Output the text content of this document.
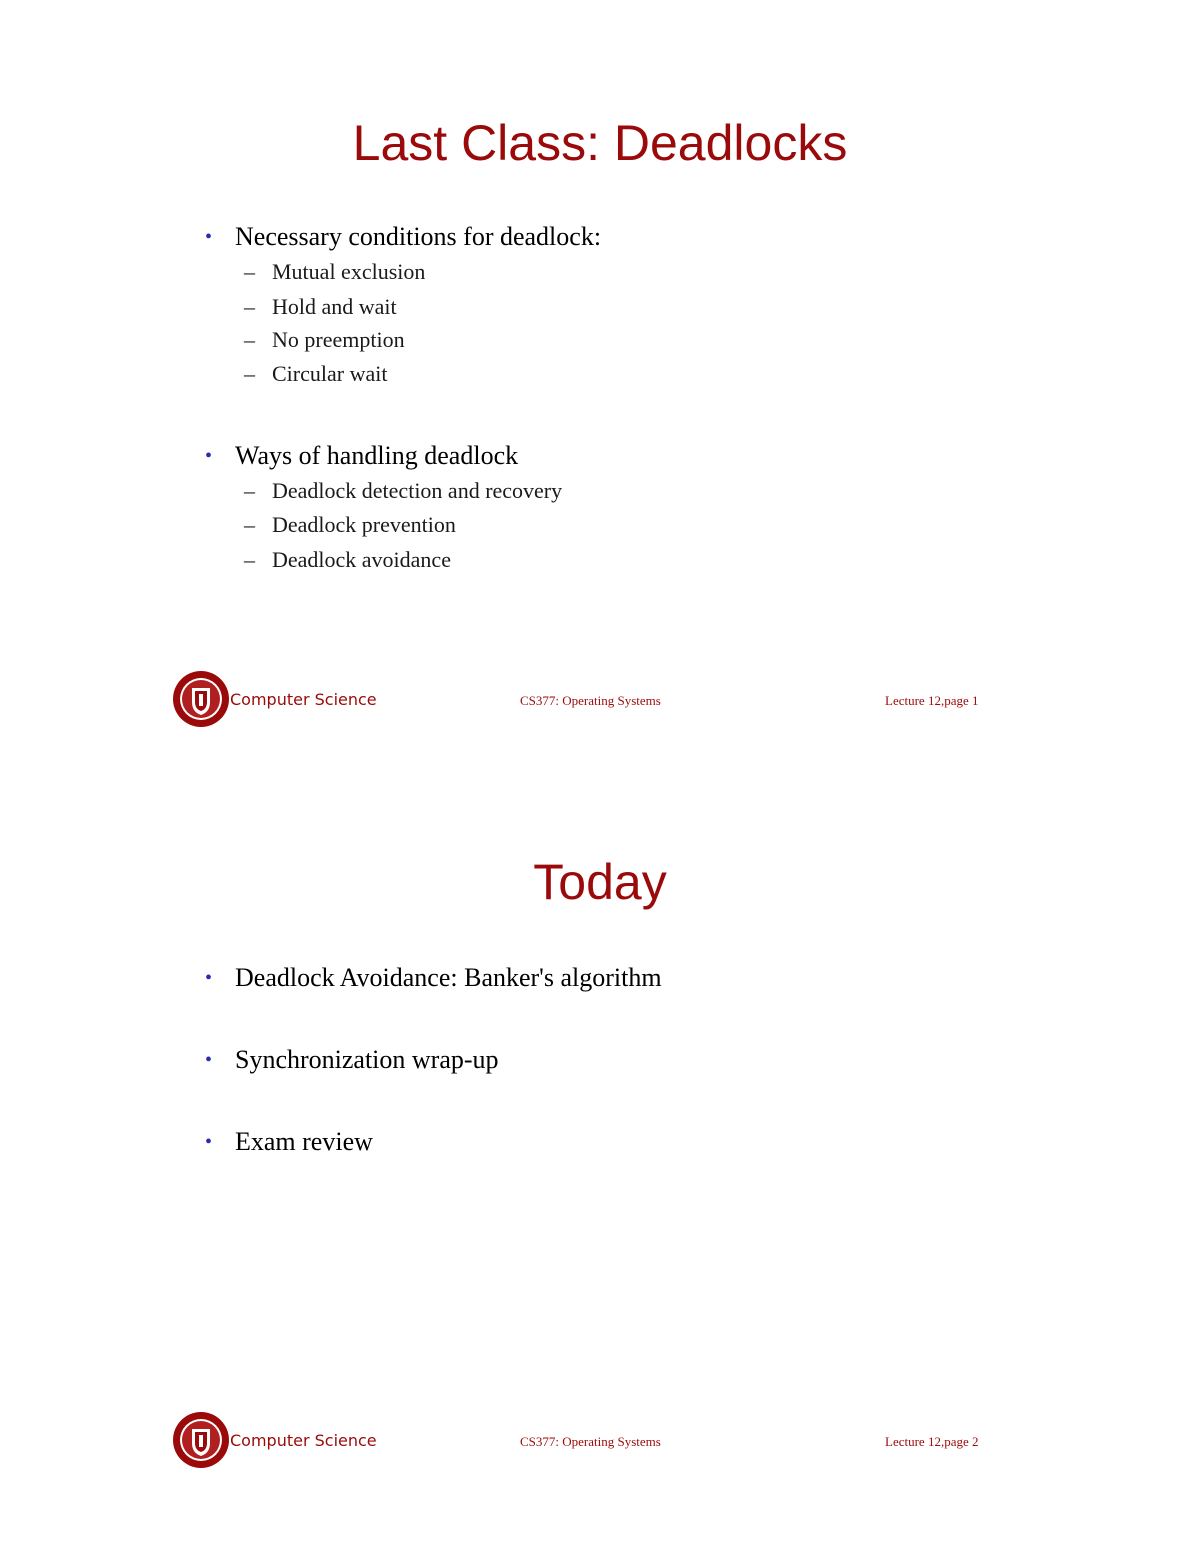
Last Class: Deadlocks
• Necessary conditions for deadlock:
– Mutual exclusion
– Hold and wait
– No preemption
– Circular wait
• Ways of handling deadlock
– Deadlock detection and recovery
– Deadlock prevention
– Deadlock avoidance
Computer Science	CS377: Operating Systems	Lecture 12,page 1
Today
• Deadlock Avoidance: Banker's algorithm
• Synchronization wrap-up
• Exam review
Computer Science	CS377: Operating Systems	Lecture 12,page 2
